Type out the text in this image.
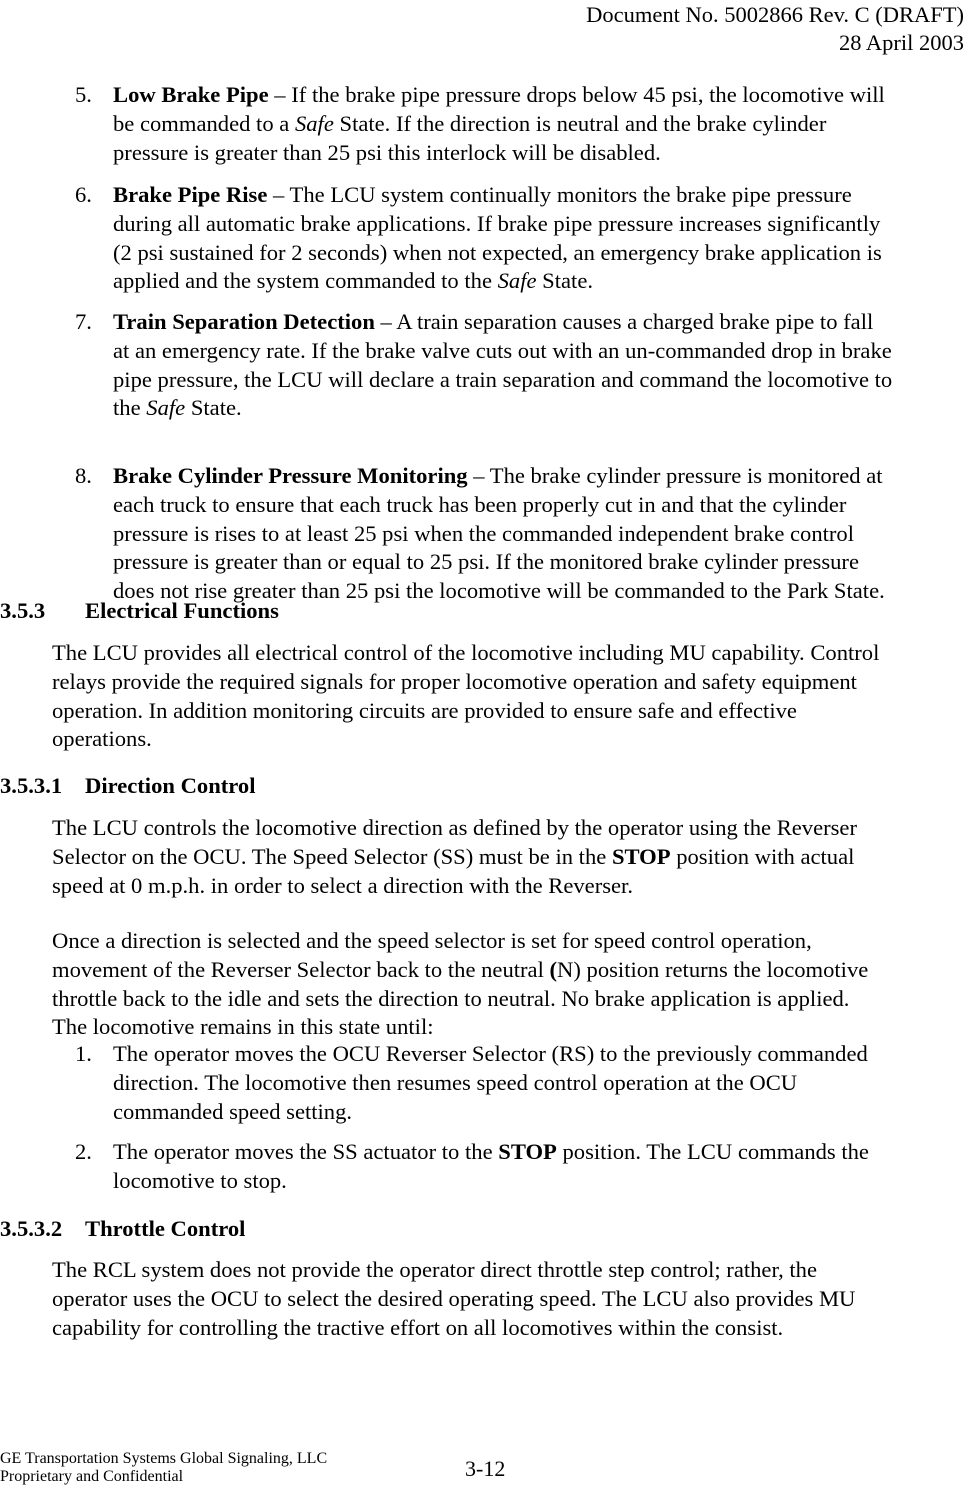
Document No. 5002866 Rev. C (DRAFT)
28 April 2003
5. Low Brake Pipe – If the brake pipe pressure drops below 45 psi, the locomotive will
be commanded to a Safe State. If the direction is neutral and the brake cylinder
pressure is greater than 25 psi this interlock will be disabled.
6. Brake Pipe Rise – The LCU system continually monitors the brake pipe pressure
during all automatic brake applications. If brake pipe pressure increases significantly
(2 psi sustained for 2 seconds) when not expected, an emergency brake application is
applied and the system commanded to the Safe State.
7. Train Separation Detection – A train separation causes a charged brake pipe to fall
at an emergency rate. If the brake valve cuts out with an un-commanded drop in brake
pipe pressure, the LCU will declare a train separation and command the locomotive to
the Safe State.
8. Brake Cylinder Pressure Monitoring – The brake cylinder pressure is monitored at
each truck to ensure that each truck has been properly cut in and that the cylinder
pressure is rises to at least 25 psi when the commanded independent brake control
pressure is greater than or equal to 25 psi. If the monitored brake cylinder pressure
does not rise greater than 25 psi the locomotive will be commanded to the Park State.
3.5.3 Electrical Functions
The LCU provides all electrical control of the locomotive including MU capability. Control
relays provide the required signals for proper locomotive operation and safety equipment
operation. In addition monitoring circuits are provided to ensure safe and effective
operations.
3.5.3.1 Direction Control
The LCU controls the locomotive direction as defined by the operator using the Reverser
Selector on the OCU. The Speed Selector (SS) must be in the STOP position with actual
speed at 0 m.p.h. in order to select a direction with the Reverser.
Once a direction is selected and the speed selector is set for speed control operation,
movement of the Reverser Selector back to the neutral (N) position returns the locomotive
throttle back to the idle and sets the direction to neutral. No brake application is applied.
The locomotive remains in this state until:
1. The operator moves the OCU Reverser Selector (RS) to the previously commanded
direction. The locomotive then resumes speed control operation at the OCU
commanded speed setting.
2. The operator moves the SS actuator to the STOP position. The LCU commands the
locomotive to stop.
3.5.3.2 Throttle Control
The RCL system does not provide the operator direct throttle step control; rather, the
operator uses the OCU to select the desired operating speed. The LCU also provides MU
capability for controlling the tractive effort on all locomotives within the consist.
GE Transportation Systems Global Signaling, LLC
Proprietary and Confidential	3-12
